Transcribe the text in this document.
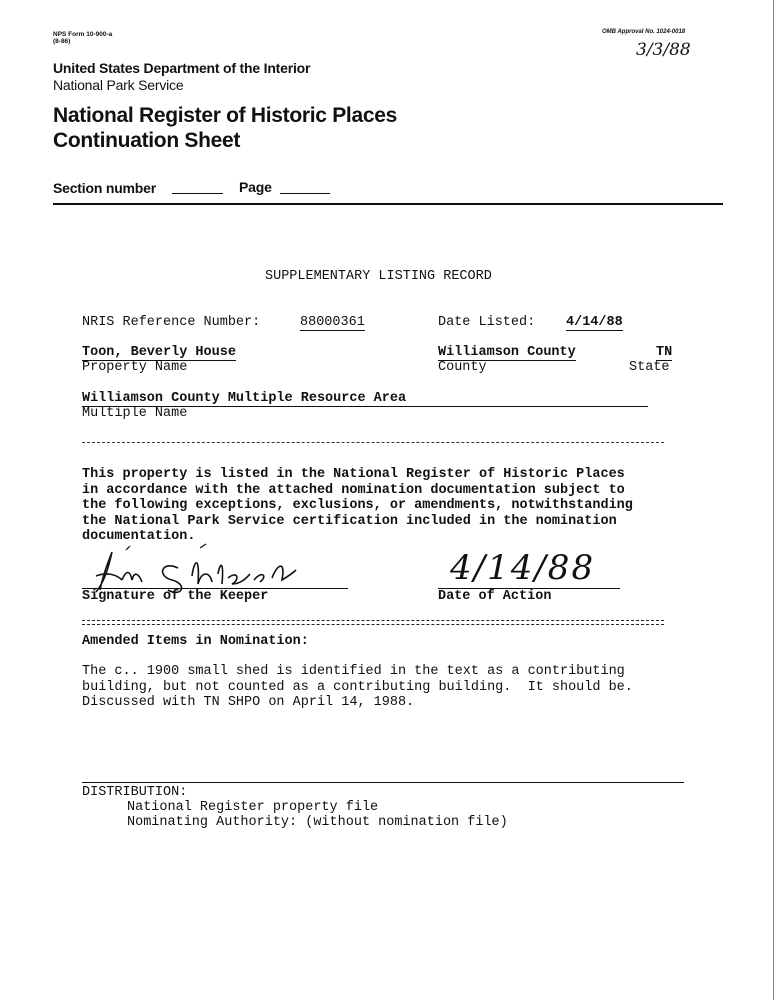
NPS Form 10-900-a
(8-86)
OMB Approval No. 1024-0018
3/3/88
United States Department of the Interior
National Park Service
National Register of Historic Places
Continuation Sheet
Section number	Page
SUPPLEMENTARY LISTING RECORD
NRIS Reference Number:	88000361	Date Listed: 4/14/88
Toon, Beverly House
Property Name
Williamson County
County
TN
State
Williamson County Multiple Resource Area
Multiple Name
This property is listed in the National Register of Historic Places
in accordance with the attached nomination documentation subject to
the following exceptions, exclusions, or amendments, notwithstanding
the National Park Service certification included in the nomination
documentation.
Signature of the Keeper
4/14/88
Date of Action
Amended Items in Nomination:
The c.. 1900 small shed is identified in the text as a contributing
building, but not counted as a contributing building.  It should be.
Discussed with TN SHPO on April 14, 1988.
DISTRIBUTION:
National Register property file
Nominating Authority: (without nomination file)
